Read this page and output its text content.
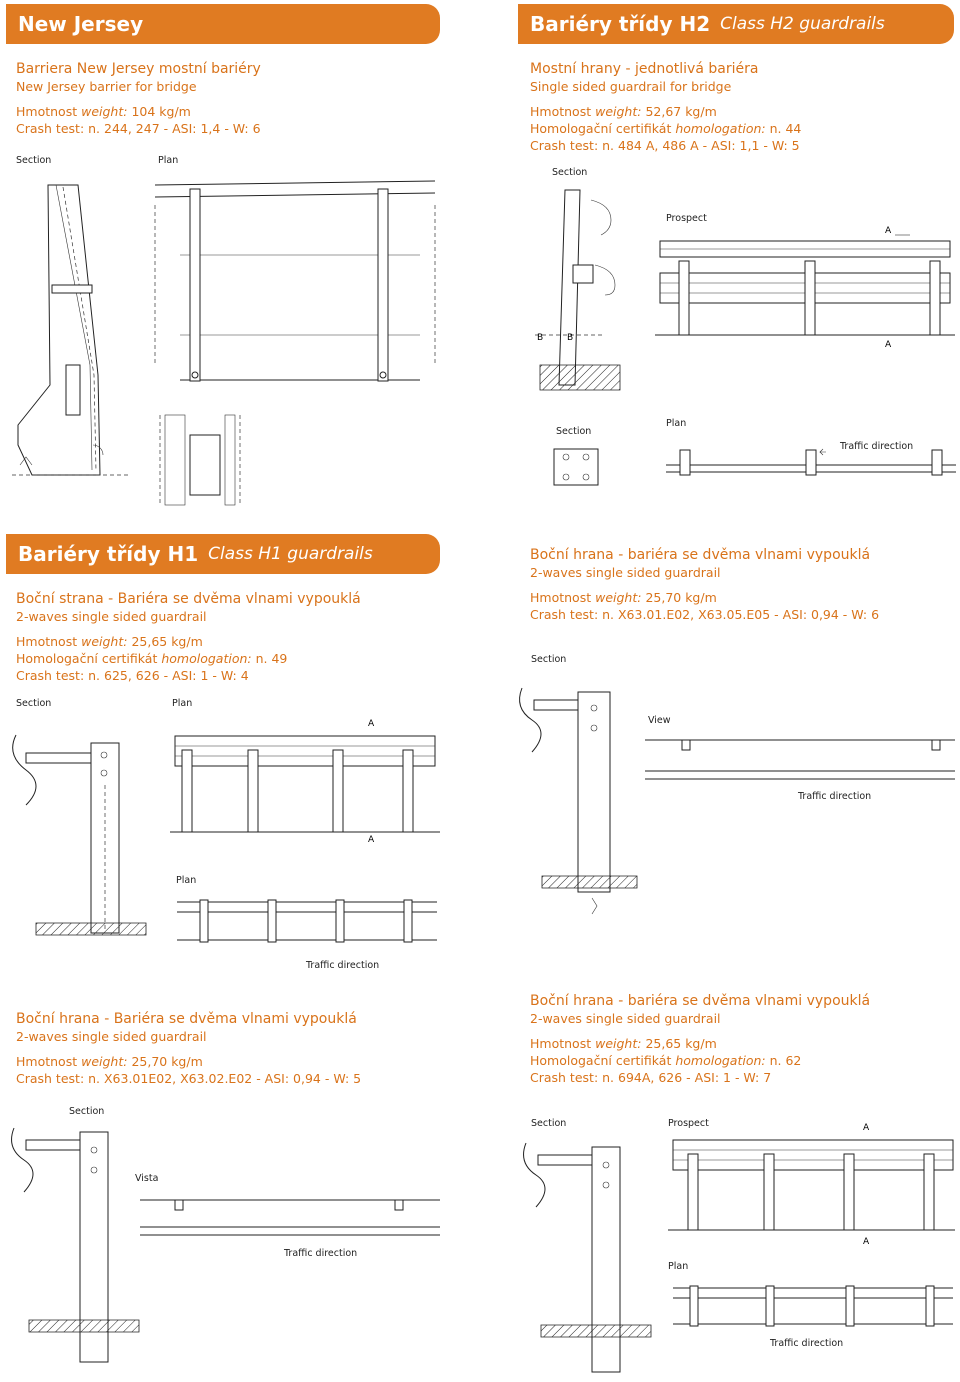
New Jersey
Barriera New Jersey mostní bariéry
New Jersey barrier for bridge
Hmotnost weight: 104 kg/m
Crash test: n. 244, 247 - ASI: 1,4 - W: 6
Section	Plan
Bariéry třídy H2 Class H2 guardrails
Mostní hrany - jednotlivá bariéra
Single sided guardrail for bridge
Hmotnost weight: 52,67 kg/m
Homologační certifikát homologation: n. 44
Crash test: n. 484 A, 486 A - ASI: 1,1 - W: 5
Section
Prospect
B	B
A
A
Section
Plan
Traffic direction
Bariéry třídy H1 Class H1 guardrails
Boční strana - Bariéra se dvěma vlnami vypouklá
2-waves single sided guardrail
Hmotnost weight: 25,65 kg/m
Homologační certifikát homologation: n. 49
Crash test: n. 625, 626 - ASI: 1 - W: 4
Section	Plan
A
A
Plan
Traffic direction
Boční hrana - bariéra se dvěma vlnami vypouklá
2-waves single sided guardrail
Hmotnost weight: 25,70 kg/m
Crash test: n. X63.01.E02, X63.05.E05 - ASI: 0,94 - W: 6
Section
View
Traffic direction
Boční hrana - Bariéra se dvěma vlnami vypouklá
2-waves single sided guardrail
Hmotnost weight: 25,70 kg/m
Crash test: n. X63.01E02, X63.02.E02 - ASI: 0,94 - W: 5
Section
Vista
Traffic direction
Boční hrana - bariéra se dvěma vlnami vypouklá
2-waves single sided guardrail
Hmotnost weight: 25,65 kg/m
Homologační certifikát homologation: n. 62
Crash test: n. 694A, 626 - ASI: 1 - W: 7
Section	Prospect	A
A
Plan
Traffic direction
